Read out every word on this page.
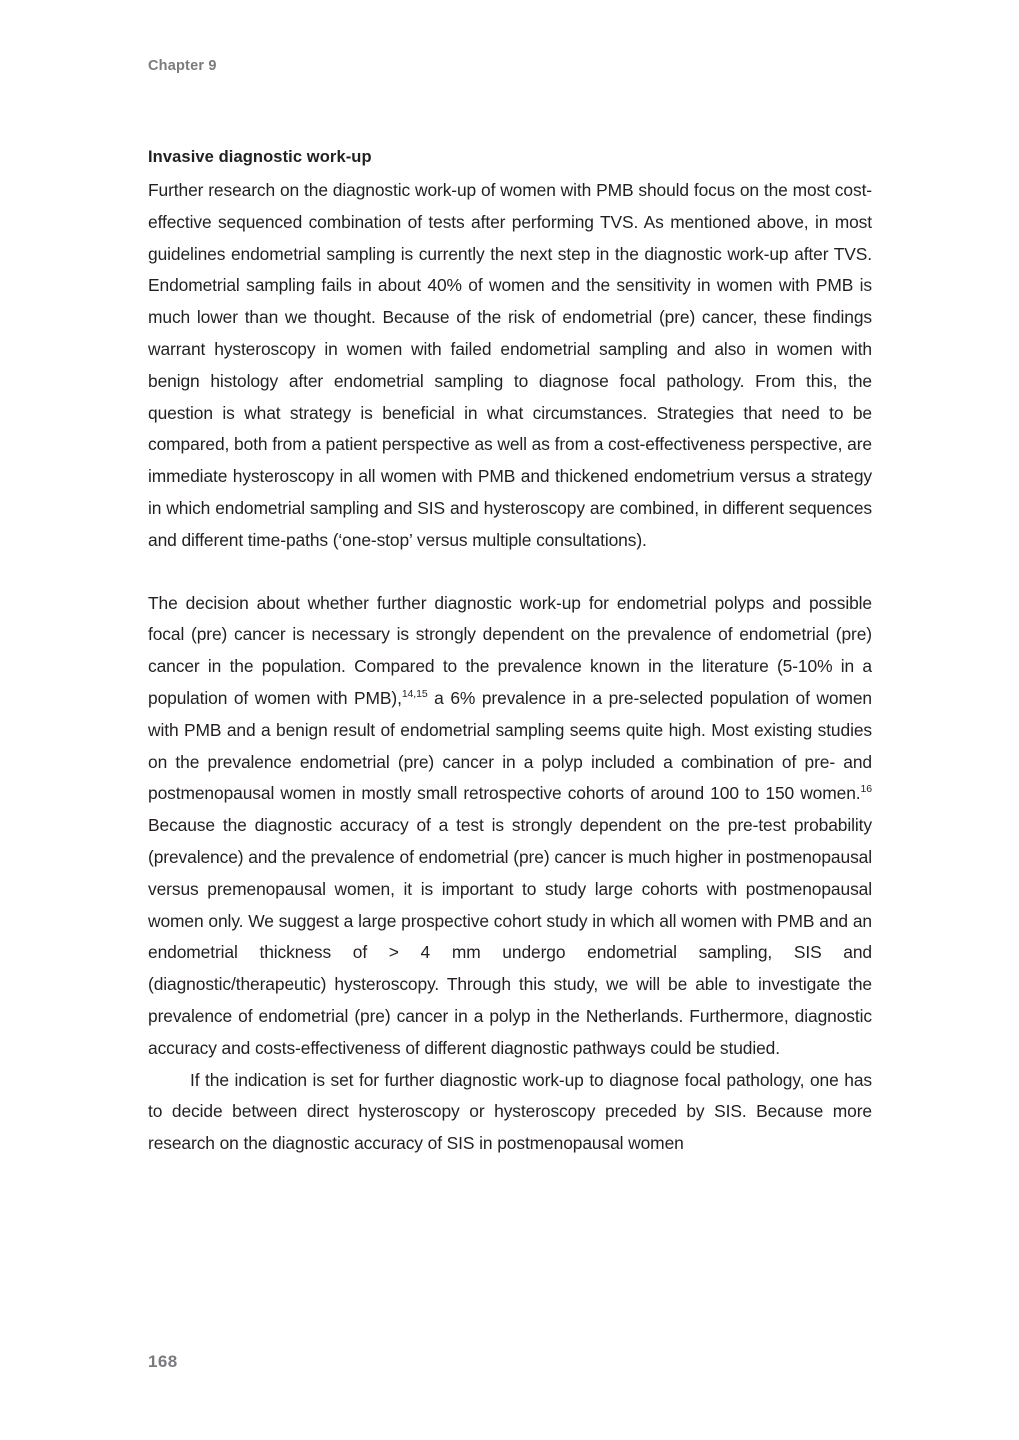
Chapter 9
Invasive diagnostic work-up

Further research on the diagnostic work-up of women with PMB should focus on the most cost-effective sequenced combination of tests after performing TVS. As mentioned above, in most guidelines endometrial sampling is currently the next step in the diagnostic work-up after TVS. Endometrial sampling fails in about 40% of women and the sensitivity in women with PMB is much lower than we thought. Because of the risk of endometrial (pre) cancer, these findings warrant hysteroscopy in women with failed endometrial sampling and also in women with benign histology after endometrial sampling to diagnose focal pathology. From this, the question is what strategy is beneficial in what circumstances. Strategies that need to be compared, both from a patient perspective as well as from a cost-effectiveness perspective, are immediate hysteroscopy in all women with PMB and thickened endometrium versus a strategy in which endometrial sampling and SIS and hysteroscopy are combined, in different sequences and different time-paths (‘one-stop’ versus multiple consultations).

The decision about whether further diagnostic work-up for endometrial polyps and possible focal (pre) cancer is necessary is strongly dependent on the prevalence of endometrial (pre) cancer in the population. Compared to the prevalence known in the literature (5-10% in a population of women with PMB),$^{14,15}$ a 6% prevalence in a pre-selected population of women with PMB and a benign result of endometrial sampling seems quite high. Most existing studies on the prevalence endometrial (pre) cancer in a polyp included a combination of pre- and postmenopausal women in mostly small retrospective cohorts of around 100 to 150 women.$^{16}$ Because the diagnostic accuracy of a test is strongly dependent on the pre-test probability (prevalence) and the prevalence of endometrial (pre) cancer is much higher in postmenopausal versus premenopausal women, it is important to study large cohorts with postmenopausal women only. We suggest a large prospective cohort study in which all women with PMB and an endometrial thickness of > 4 mm undergo endometrial sampling, SIS and (diagnostic/therapeutic) hysteroscopy. Through this study, we will be able to investigate the prevalence of endometrial (pre) cancer in a polyp in the Netherlands. Furthermore, diagnostic accuracy and costs-effectiveness of different diagnostic pathways could be studied.

If the indication is set for further diagnostic work-up to diagnose focal pathology, one has to decide between direct hysteroscopy or hysteroscopy preceded by SIS. Because more research on the diagnostic accuracy of SIS in postmenopausal women

168
